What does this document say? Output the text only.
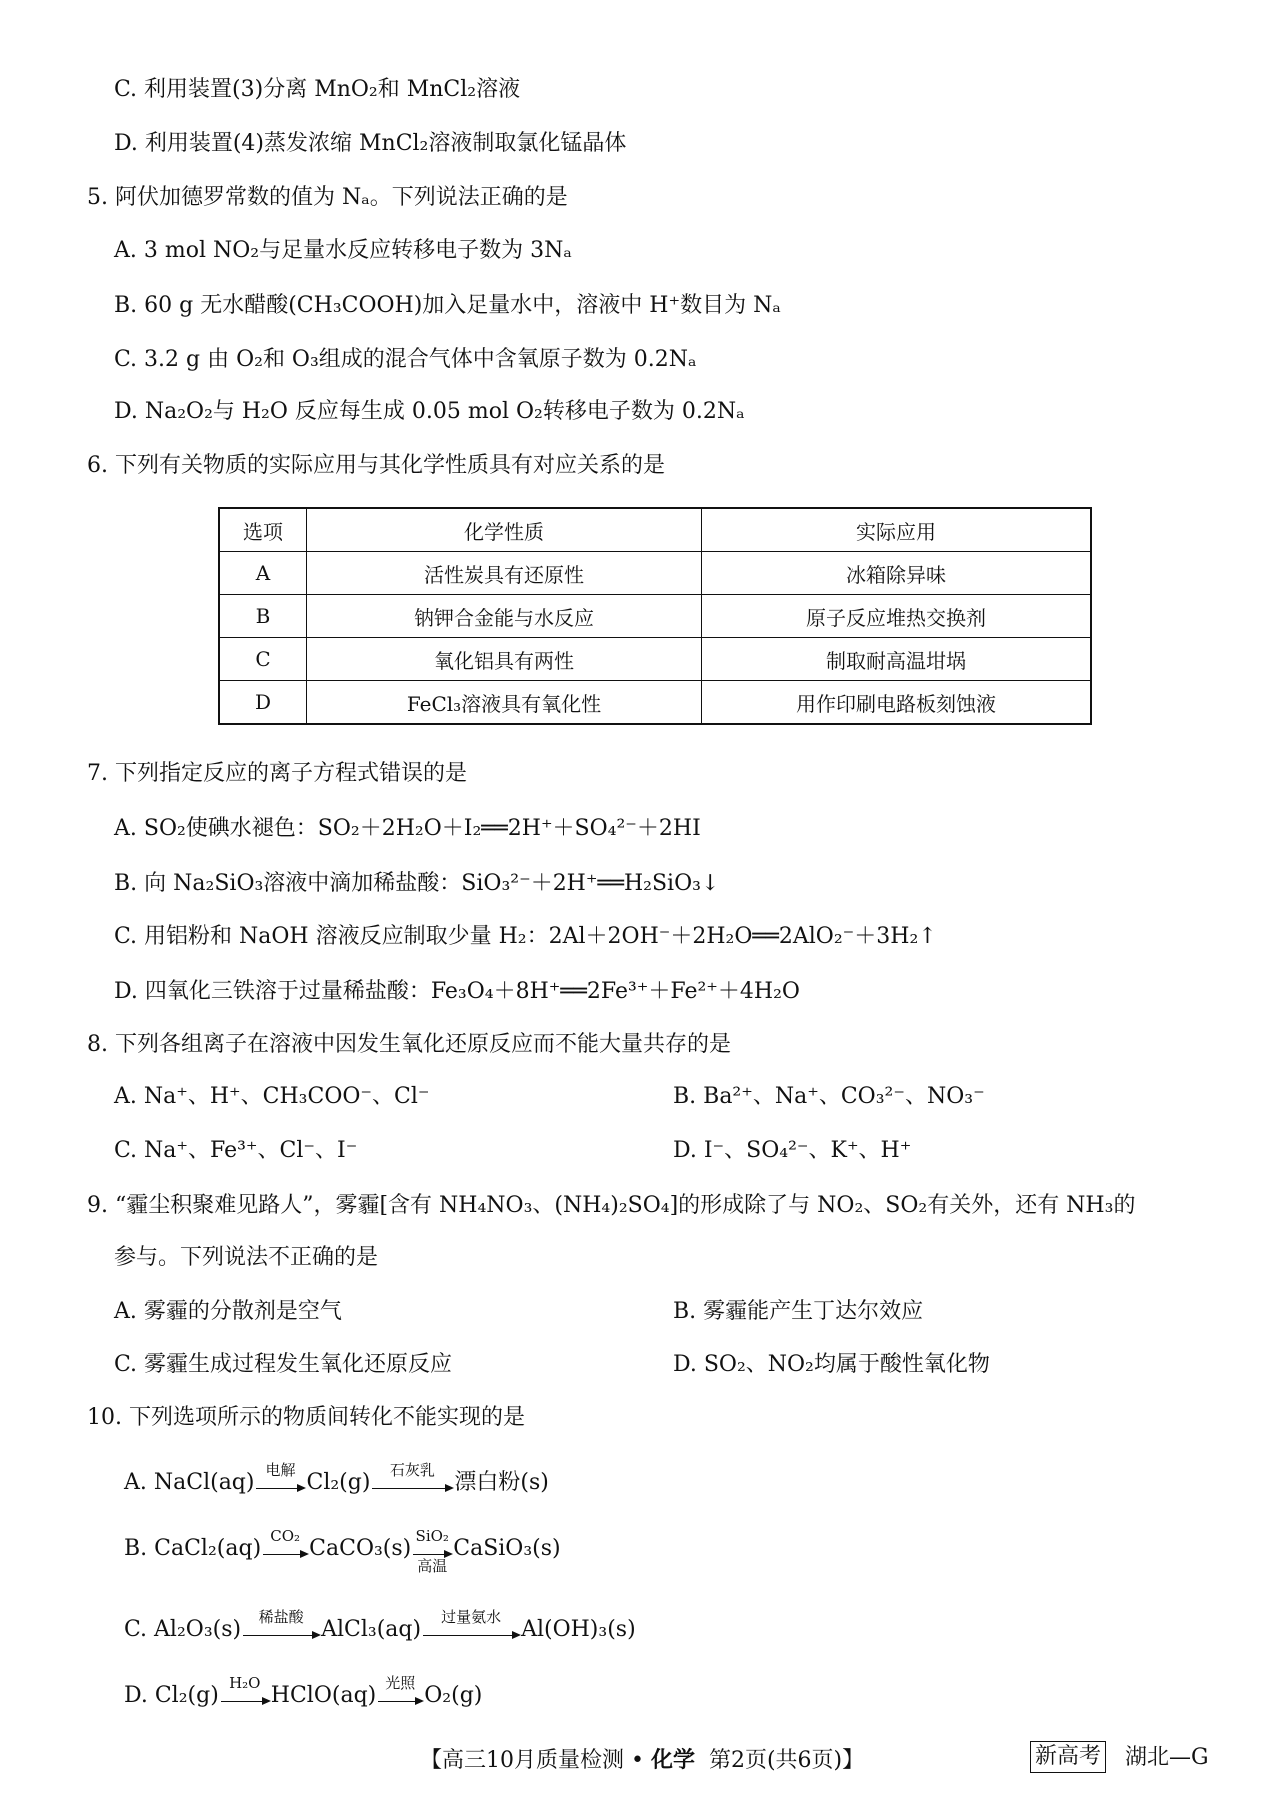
C. 利用装置(3)分离 MnO₂和 MnCl₂溶液
D. 利用装置(4)蒸发浓缩 MnCl₂溶液制取氯化锰晶体
5. 阿伏加德罗常数的值为 Nₐ。下列说法正确的是
A. 3 mol NO₂与足量水反应转移电子数为 3Nₐ
B. 60 g 无水醋酸(CH₃COOH)加入足量水中，溶液中 H⁺数目为 Nₐ
C. 3.2 g 由 O₂和 O₃组成的混合气体中含氧原子数为 0.2Nₐ
D. Na₂O₂与 H₂O 反应每生成 0.05 mol O₂转移电子数为 0.2Nₐ
6. 下列有关物质的实际应用与其化学性质具有对应关系的是
选项	化学性质	实际应用
A	活性炭具有还原性	冰箱除异味
B	钠钾合金能与水反应	原子反应堆热交换剂
C	氧化铝具有两性	制取耐高温坩埚
D	FeCl₃溶液具有氧化性	用作印刷电路板刻蚀液
7. 下列指定反应的离子方程式错误的是
A. SO₂使碘水褪色：SO₂＋2H₂O＋I₂══2H⁺＋SO₄²⁻＋2HI
B. 向 Na₂SiO₃溶液中滴加稀盐酸：SiO₃²⁻＋2H⁺══H₂SiO₃↓
C. 用铝粉和 NaOH 溶液反应制取少量 H₂：2Al＋2OH⁻＋2H₂O══2AlO₂⁻＋3H₂↑
D. 四氧化三铁溶于过量稀盐酸：Fe₃O₄＋8H⁺══2Fe³⁺＋Fe²⁺＋4H₂O
8. 下列各组离子在溶液中因发生氧化还原反应而不能大量共存的是
A. Na⁺、H⁺、CH₃COO⁻、Cl⁻	B. Ba²⁺、Na⁺、CO₃²⁻、NO₃⁻
C. Na⁺、Fe³⁺、Cl⁻、I⁻	D. I⁻、SO₄²⁻、K⁺、H⁺
9. “霾尘积聚难见路人”，雾霾[含有 NH₄NO₃、(NH₄)₂SO₄]的形成除了与 NO₂、SO₂有关外，还有 NH₃的
参与。下列说法不正确的是
A. 雾霾的分散剂是空气	B. 雾霾能产生丁达尔效应
C. 雾霾生成过程发生氧化还原反应	D. SO₂、NO₂均属于酸性氧化物
10. 下列选项所示的物质间转化不能实现的是
A. NaCl(aq)
电解
Cl₂(g)
石灰乳
漂白粉(s)
B. CaCl₂(aq)
CO₂
CaCO₃(s)
SiO₂
高温
CaSiO₃(s)
C. Al₂O₃(s)
稀盐酸
AlCl₃(aq)
过量氨水
Al(OH)₃(s)
D. Cl₂(g)
H₂O
HClO(aq)
光照
O₂(g)
【高三10月质量检测 • 化学  第2页(共6页)】	新高考 湖北—G
